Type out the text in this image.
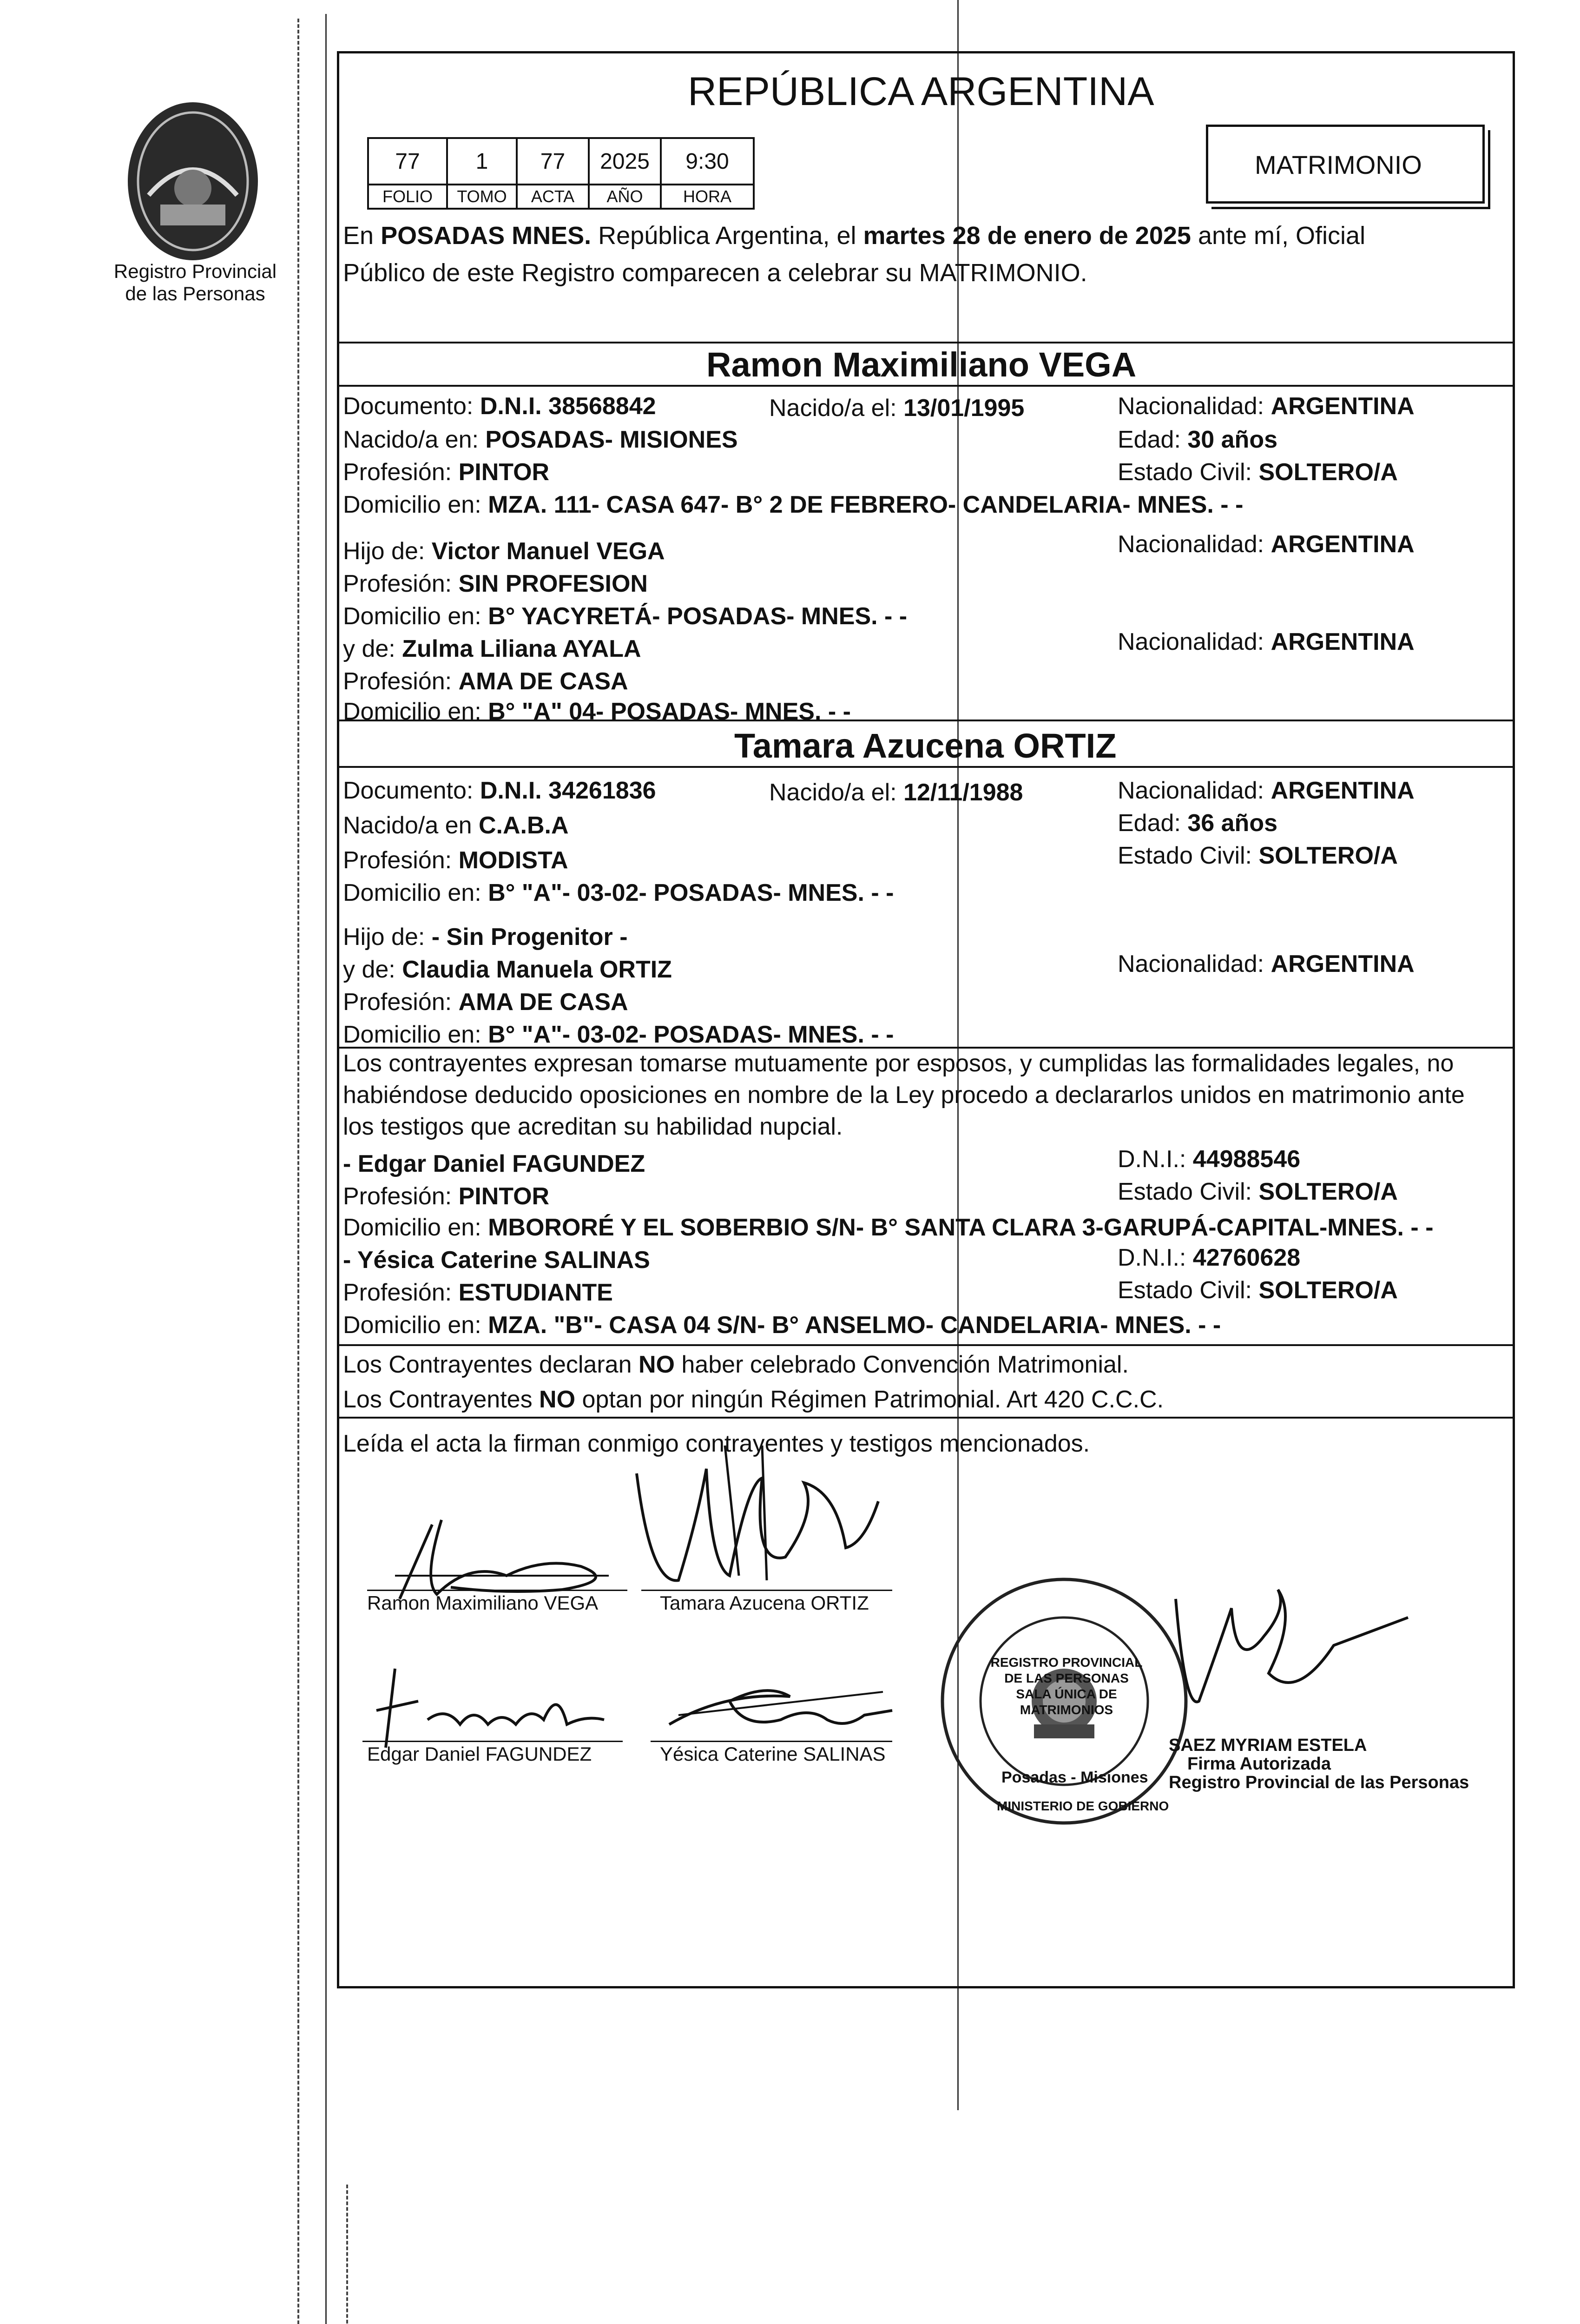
Registro Provincial
de las Personas
REPÚBLICA ARGENTINA
77	1	77	2025	9:30
FOLIO	TOMO	ACTA	AÑO	HORA
MATRIMONIO
En POSADAS MNES. República Argentina, el martes 28 de enero de 2025 ante mí, Oficial
Público de este Registro comparecen a celebrar su MATRIMONIO.
Ramon Maximiliano VEGA
Documento: D.N.I. 38568842	Nacido/a el: 13/01/1995	Nacionalidad: ARGENTINA
Nacido/a en: POSADAS- MISIONES	Edad: 30 años
Profesión: PINTOR	Estado Civil: SOLTERO/A
Domicilio en: MZA. 111- CASA 647- B° 2 DE FEBRERO- CANDELARIA- MNES. - -
Hijo de: Victor Manuel VEGA	Nacionalidad: ARGENTINA
Profesión: SIN PROFESION
Domicilio en: B° YACYRETÁ- POSADAS- MNES. - -
y de: Zulma Liliana AYALA	Nacionalidad: ARGENTINA
Profesión: AMA DE CASA
Domicilio en: B° "A" 04- POSADAS- MNES. - -
Tamara Azucena ORTIZ
Documento: D.N.I. 34261836	Nacido/a el: 12/11/1988	Nacionalidad: ARGENTINA
Nacido/a en C.A.B.A	Edad: 36 años
Profesión: MODISTA	Estado Civil: SOLTERO/A
Domicilio en: B° "A"- 03-02- POSADAS- MNES. - -
Hijo de: - Sin Progenitor -
y de: Claudia Manuela ORTIZ	Nacionalidad: ARGENTINA
Profesión: AMA DE CASA
Domicilio en: B° "A"- 03-02- POSADAS- MNES. - -
Los contrayentes expresan tomarse mutuamente por esposos, y cumplidas las formalidades legales, no
habiéndose deducido oposiciones en nombre de la Ley procedo a declararlos unidos en matrimonio ante
los testigos que acreditan su habilidad nupcial.
- Edgar Daniel FAGUNDEZ	D.N.I.: 44988546
Profesión: PINTOR	Estado Civil: SOLTERO/A
Domicilio en: MBORORÉ Y EL SOBERBIO S/N- B° SANTA CLARA 3-GARUPÁ-CAPITAL-MNES. - -
- Yésica Caterine SALINAS	D.N.I.: 42760628
Profesión: ESTUDIANTE	Estado Civil: SOLTERO/A
Domicilio en: MZA. "B"- CASA 04 S/N- B° ANSELMO- CANDELARIA- MNES. - -
Los Contrayentes declaran NO haber celebrado Convención Matrimonial.
Los Contrayentes NO optan por ningún Régimen Patrimonial. Art 420 C.C.C.
Leída el acta la firman conmigo contrayentes y testigos mencionados.
Ramon Maximiliano VEGA	Tamara Azucena ORTIZ
Edgar Daniel FAGUNDEZ	Yésica Caterine SALINAS
REGISTRO PROVINCIAL DE LAS PERSONAS
SALA ÚNICA DE MATRIMONIOS
Posadas - Misiones
MINISTERIO DE GOBIERNO
SAEZ MYRIAM ESTELA
Firma Autorizada
Registro Provincial de las Personas
